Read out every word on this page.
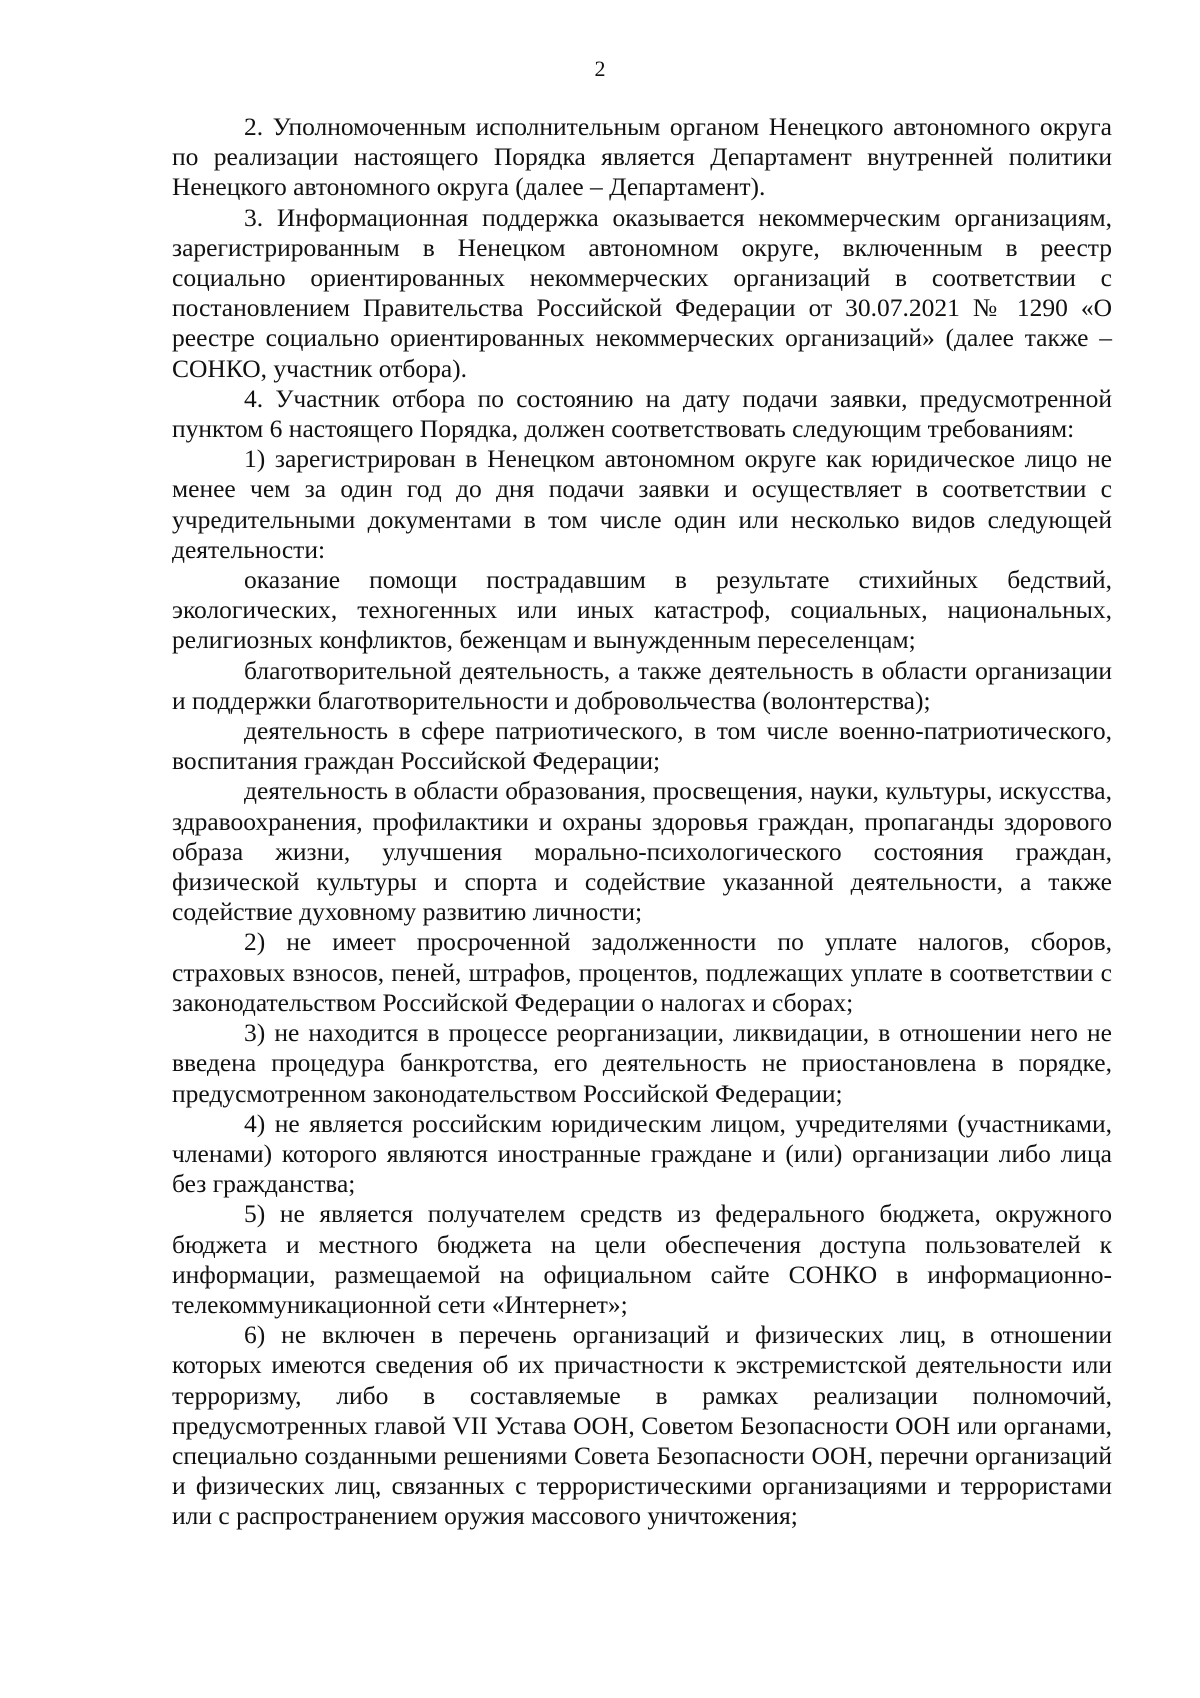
2

2. Уполномоченным исполнительным органом Ненецкого автономного округа по реализации настоящего Порядка является Департамент внутренней политики Ненецкого автономного округа (далее – Департамент).

3. Информационная поддержка оказывается некоммерческим организациям, зарегистрированным в Ненецком автономном округе, включенным в реестр социально ориентированных некоммерческих организаций в соответствии с постановлением Правительства Российской Федерации от 30.07.2021 № 1290 «О реестре социально ориентированных некоммерческих организаций» (далее также – СОНКО, участник отбора).

4. Участник отбора по состоянию на дату подачи заявки, предусмотренной пунктом 6 настоящего Порядка, должен соответствовать следующим требованиям:

1) зарегистрирован в Ненецком автономном округе как юридическое лицо не менее чем за один год до дня подачи заявки и осуществляет в соответствии с учредительными документами в том числе один или несколько видов следующей деятельности:

оказание помощи пострадавшим в результате стихийных бедствий, экологических, техногенных или иных катастроф, социальных, национальных, религиозных конфликтов, беженцам и вынужденным переселенцам;

благотворительной деятельность, а также деятельность в области организации и поддержки благотворительности и добровольчества (волонтерства);

деятельность в сфере патриотического, в том числе военно-патриотического, воспитания граждан Российской Федерации;

деятельность в области образования, просвещения, науки, культуры, искусства, здравоохранения, профилактики и охраны здоровья граждан, пропаганды здорового образа жизни, улучшения морально-психологического состояния граждан, физической культуры и спорта и содействие указанной деятельности, а также содействие духовному развитию личности;

2) не имеет просроченной задолженности по уплате налогов, сборов, страховых взносов, пеней, штрафов, процентов, подлежащих уплате в соответствии с законодательством Российской Федерации о налогах и сборах;

3) не находится в процессе реорганизации, ликвидации, в отношении него не введена процедура банкротства, его деятельность не приостановлена в порядке, предусмотренном законодательством Российской Федерации;

4) не является российским юридическим лицом, учредителями (участниками, членами) которого являются иностранные граждане и (или) организации либо лица без гражданства;

5) не является получателем средств из федерального бюджета, окружного бюджета и местного бюджета на цели обеспечения доступа пользователей к информации, размещаемой на официальном сайте СОНКО в информационно-телекоммуникационной сети «Интернет»;

6) не включен в перечень организаций и физических лиц, в отношении которых имеются сведения об их причастности к экстремистской деятельности или терроризму, либо в составляемые в рамках реализации полномочий, предусмотренных главой VII Устава ООН, Советом Безопасности ООН или органами, специально созданными решениями Совета Безопасности ООН, перечни организаций и физических лиц, связанных с террористическими организациями и террористами или с распространением оружия массового уничтожения;
